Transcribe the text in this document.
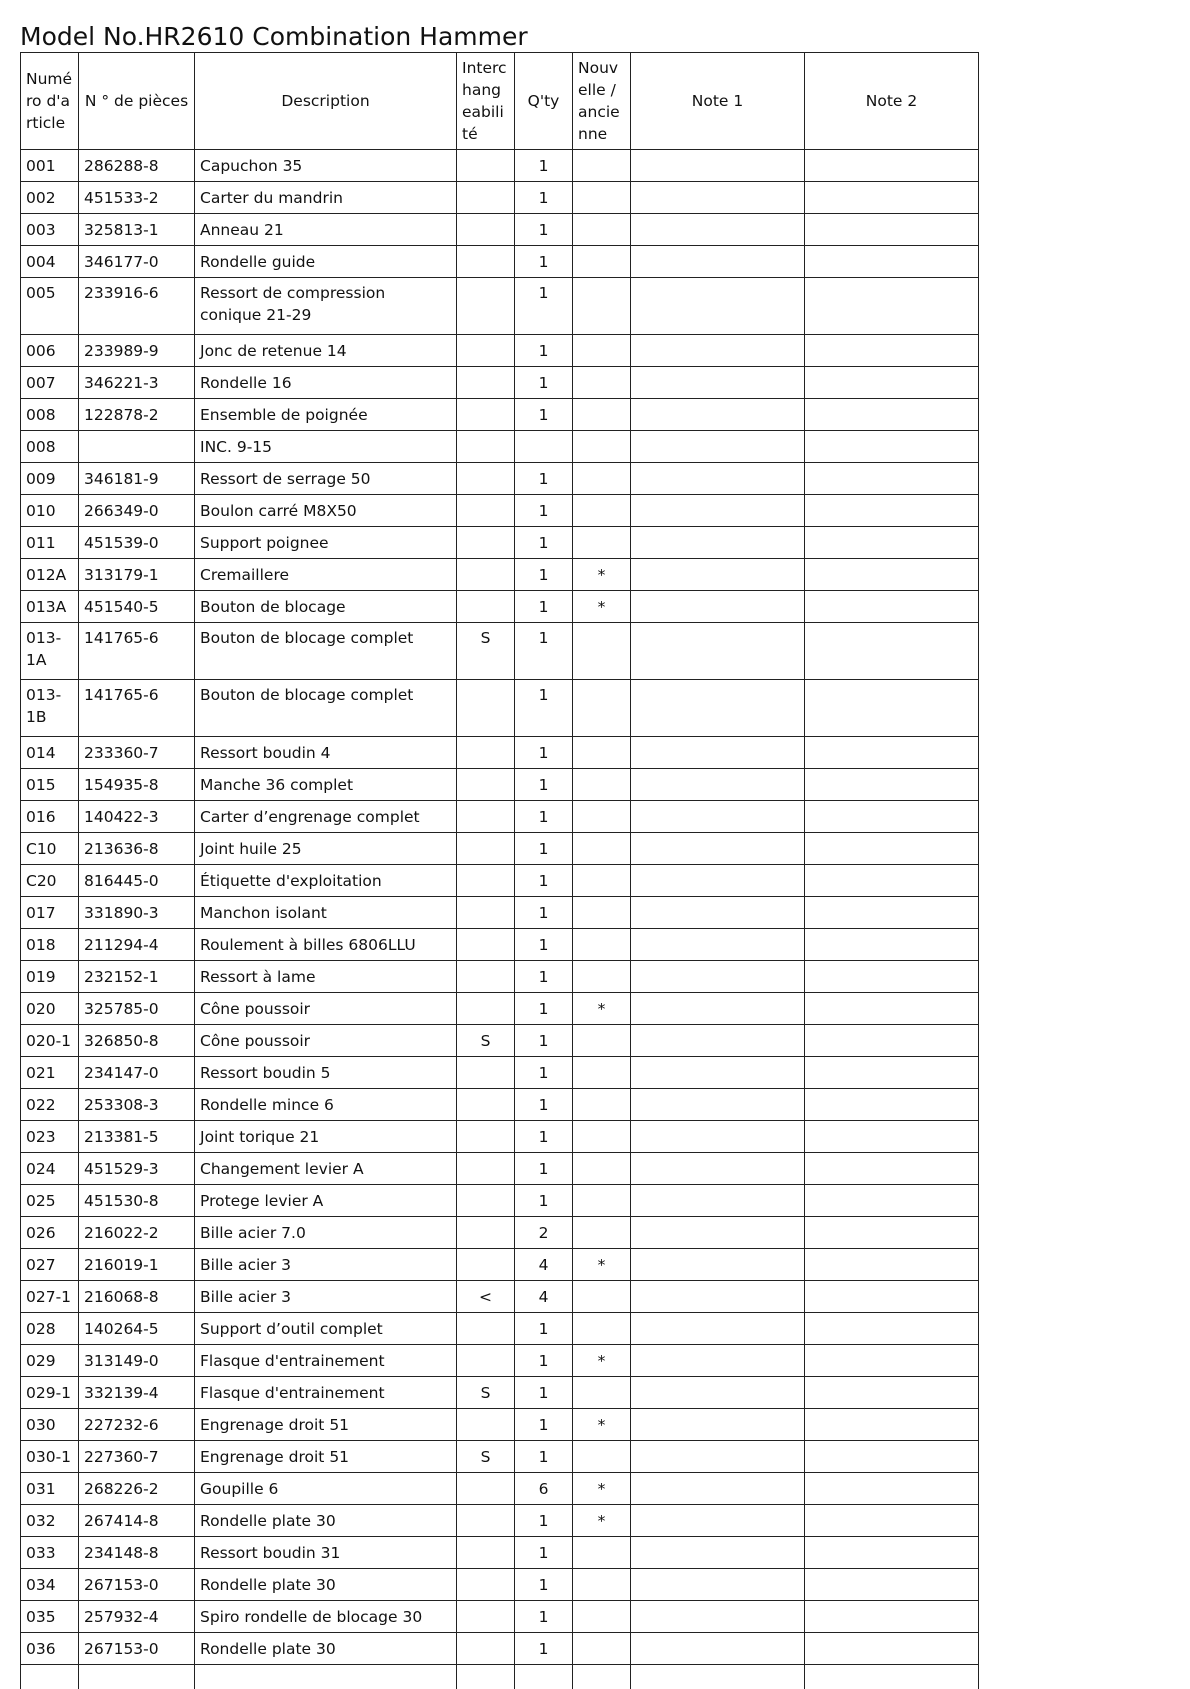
Model No.HR2610 Combination Hammer
Numéro d'article	N ° de pièces	Description	Interchangeabilité	Q'ty	Nouvelle / ancienne	Note 1	Note 2
001	286288-8	Capuchon 35		1			
002	451533-2	Carter du mandrin		1			
003	325813-1	Anneau 21		1			
004	346177-0	Rondelle guide		1			
005	233916-6	Ressort de compression conique 21-29		1			
006	233989-9	Jonc de retenue 14		1			
007	346221-3	Rondelle 16		1			
008	122878-2	Ensemble de poignée		1			
008		INC. 9-15					
009	346181-9	Ressort de serrage 50		1			
010	266349-0	Boulon carré M8X50		1			
011	451539-0	Support poignee		1			
012A	313179-1	Cremaillere		1	*		
013A	451540-5	Bouton de blocage		1	*		
013-1A	141765-6	Bouton de blocage complet	S	1			
013-1B	141765-6	Bouton de blocage complet		1			
014	233360-7	Ressort boudin 4		1			
015	154935-8	Manche 36 complet		1			
016	140422-3	Carter d’engrenage complet		1			
C10	213636-8	Joint huile 25		1			
C20	816445-0	Étiquette d'exploitation		1			
017	331890-3	Manchon isolant		1			
018	211294-4	Roulement à billes 6806LLU		1			
019	232152-1	Ressort à lame		1			
020	325785-0	Cône poussoir		1	*		
020-1	326850-8	Cône poussoir	S	1			
021	234147-0	Ressort boudin 5		1			
022	253308-3	Rondelle mince 6		1			
023	213381-5	Joint torique 21		1			
024	451529-3	Changement levier A		1			
025	451530-8	Protege levier A		1			
026	216022-2	Bille acier 7.0		2			
027	216019-1	Bille acier 3		4	*		
027-1	216068-8	Bille acier 3	<	4			
028	140264-5	Support d’outil complet		1			
029	313149-0	Flasque d'entrainement		1	*		
029-1	332139-4	Flasque d'entrainement	S	1			
030	227232-6	Engrenage droit 51		1	*		
030-1	227360-7	Engrenage droit 51	S	1			
031	268226-2	Goupille 6		6	*		
032	267414-8	Rondelle plate 30		1	*		
033	234148-8	Ressort boudin 31		1			
034	267153-0	Rondelle plate 30		1			
035	257932-4	Spiro rondelle de blocage 30		1			
036	267153-0	Rondelle plate 30		1			
